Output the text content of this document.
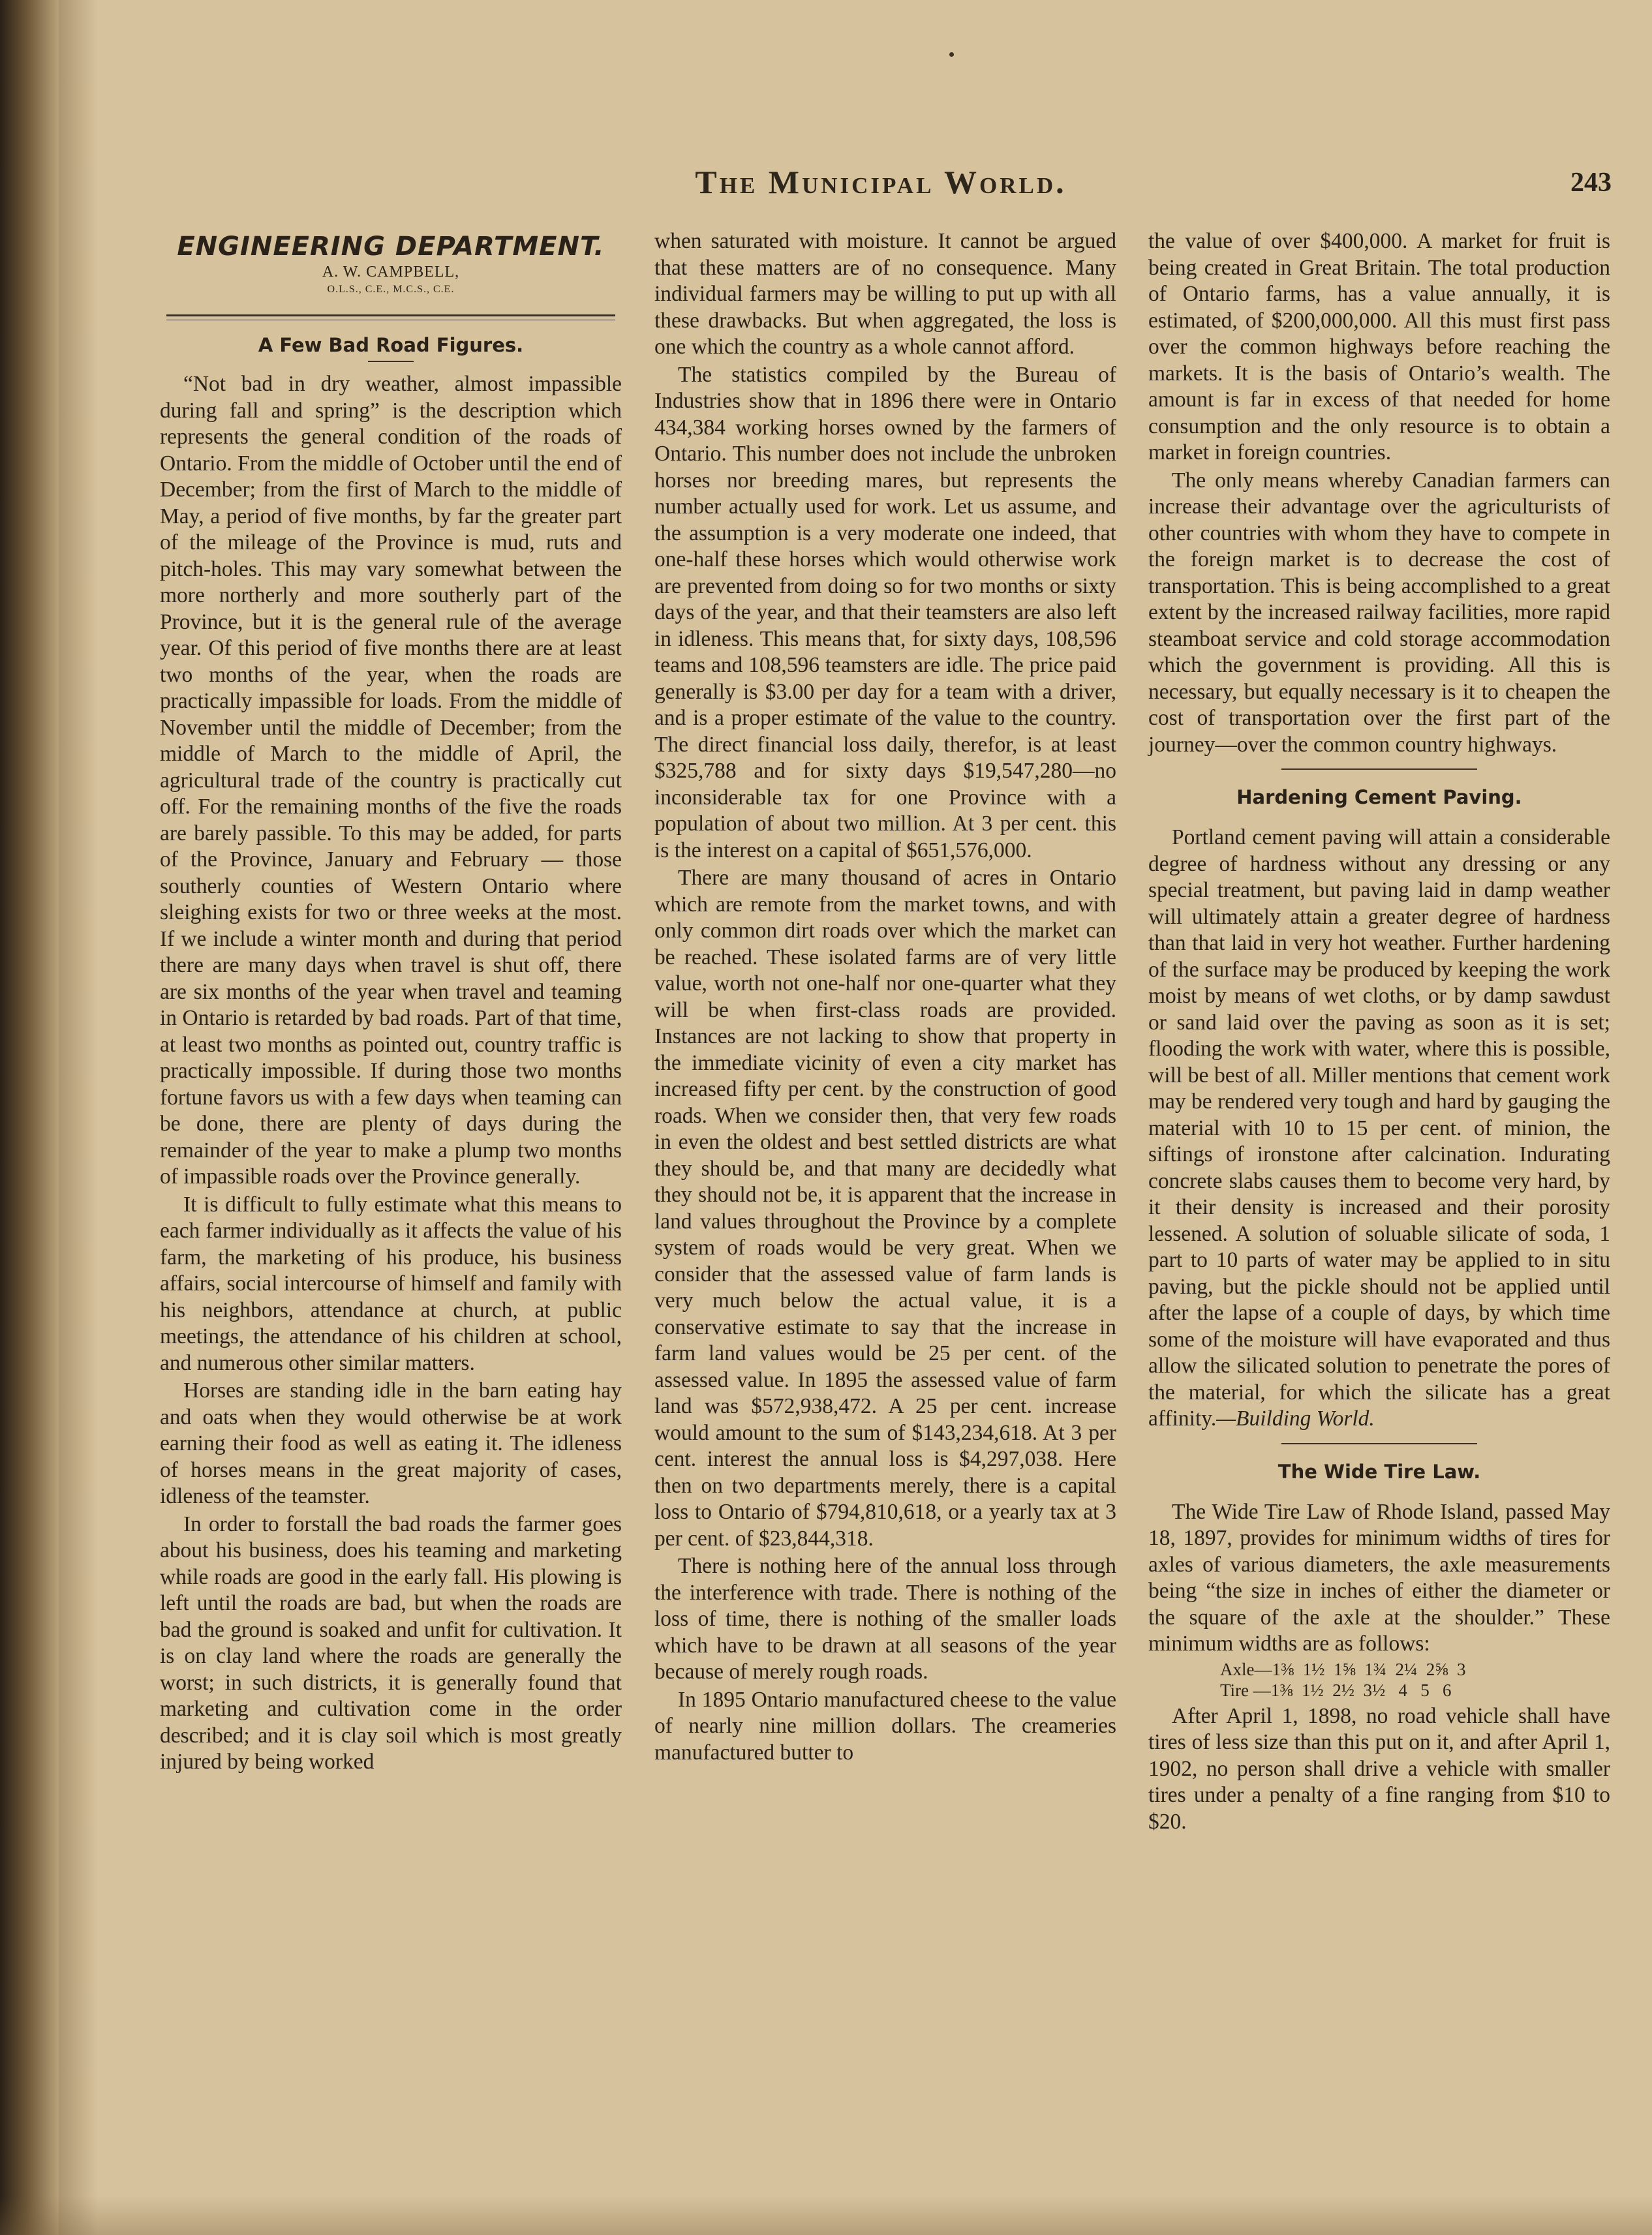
The Municipal World.	243
ENGINEERING DEPARTMENT.
A. W. CAMPBELL,
O.L.S., C.E., M.C.S., C.E.
A Few Bad Road Figures.

“Not bad in dry weather, almost impassible during fall and spring” is the description which represents the general condition of the roads of Ontario. From the middle of October until the end of December; from the first of March to the middle of May, a period of five months, by far the greater part of the mileage of the Province is mud, ruts and pitch-holes. This may vary somewhat between the more northerly and more southerly part of the Province, but it is the general rule of the average year. Of this period of five months there are at least two months of the year, when the roads are practically impassible for loads. From the middle of November until the middle of December; from the middle of March to the middle of April, the agricultural trade of the country is practically cut off. For the remaining months of the five the roads are barely passible. To this may be added, for parts of the Province, January and February — those southerly counties of Western Ontario where sleighing exists for two or three weeks at the most. If we include a winter month and during that period there are many days when travel is shut off, there are six months of the year when travel and teaming in Ontario is retarded by bad roads. Part of that time, at least two months as pointed out, country traffic is practically impossible. If during those two months fortune favors us with a few days when teaming can be done, there are plenty of days during the remainder of the year to make a plump two months of impassible roads over the Province generally.

It is difficult to fully estimate what this means to each farmer individually as it affects the value of his farm, the marketing of his produce, his business affairs, social intercourse of himself and family with his neighbors, attendance at church, at public meetings, the attendance of his children at school, and numerous other similar matters.

Horses are standing idle in the barn eating hay and oats when they would otherwise be at work earning their food as well as eating it. The idleness of horses means in the great majority of cases, idleness of the teamster.

In order to forstall the bad roads the farmer goes about his business, does his teaming and marketing while roads are good in the early fall. His plowing is left until the roads are bad, but when the roads are bad the ground is soaked and unfit for cultivation. It is on clay land where the roads are generally the worst; in such districts, it is generally found that marketing and cultivation come in the order described; and it is clay soil which is most greatly injured by being worked

when saturated with moisture. It cannot be argued that these matters are of no consequence. Many individual farmers may be willing to put up with all these drawbacks. But when aggregated, the loss is one which the country as a whole cannot afford.

The statistics compiled by the Bureau of Industries show that in 1896 there were in Ontario 434,384 working horses owned by the farmers of Ontario. This number does not include the unbroken horses nor breeding mares, but represents the number actually used for work. Let us assume, and the assumption is a very moderate one indeed, that one-half these horses which would otherwise work are prevented from doing so for two months or sixty days of the year, and that their teamsters are also left in idleness. This means that, for sixty days, 108,596 teams and 108,596 teamsters are idle. The price paid generally is $3.00 per day for a team with a driver, and is a proper estimate of the value to the country. The direct financial loss daily, therefor, is at least $325,788 and for sixty days $19,547,280—no inconsiderable tax for one Province with a population of about two million. At 3 per cent. this is the interest on a capital of $651,576,000.

There are many thousand of acres in Ontario which are remote from the market towns, and with only common dirt roads over which the market can be reached. These isolated farms are of very little value, worth not one-half nor one-quarter what they will be when first-class roads are provided. Instances are not lacking to show that property in the immediate vicinity of even a city market has increased fifty per cent. by the construction of good roads. When we consider then, that very few roads in even the oldest and best settled districts are what they should be, and that many are decidedly what they should not be, it is apparent that the increase in land values throughout the Province by a complete system of roads would be very great. When we consider that the assessed value of farm lands is very much below the actual value, it is a conservative estimate to say that the increase in farm land values would be 25 per cent. of the assessed value. In 1895 the assessed value of farm land was $572,938,472. A 25 per cent. increase would amount to the sum of $143,234,618. At 3 per cent. interest the annual loss is $4,297,038. Here then on two departments merely, there is a capital loss to Ontario of $794,810,618, or a yearly tax at 3 per cent. of $23,844,318.

There is nothing here of the annual loss through the interference with trade. There is nothing of the loss of time, there is nothing of the smaller loads which have to be drawn at all seasons of the year because of merely rough roads.

In 1895 Ontario manufactured cheese to the value of nearly nine million dollars. The creameries manufactured butter to

the value of over $400,000. A market for fruit is being created in Great Britain. The total production of Ontario farms, has a value annually, it is estimated, of $200,000,000. All this must first pass over the common highways before reaching the markets. It is the basis of Ontario’s wealth. The amount is far in excess of that needed for home consumption and the only resource is to obtain a market in foreign countries.

The only means whereby Canadian farmers can increase their advantage over the agriculturists of other countries with whom they have to compete in the foreign market is to decrease the cost of transportation. This is being accomplished to a great extent by the increased railway facilities, more rapid steamboat service and cold storage accommodation which the government is providing. All this is necessary, but equally necessary is it to cheapen the cost of transportation over the first part of the journey—over the common country highways.

Hardening Cement Paving.

Portland cement paving will attain a considerable degree of hardness without any dressing or any special treatment, but paving laid in damp weather will ultimately attain a greater degree of hardness than that laid in very hot weather. Further hardening of the surface may be produced by keeping the work moist by means of wet cloths, or by damp sawdust or sand laid over the paving as soon as it is set; flooding the work with water, where this is possible, will be best of all. Miller mentions that cement work may be rendered very tough and hard by gauging the material with 10 to 15 per cent. of minion, the siftings of ironstone after calcination. Indurating concrete slabs causes them to become very hard, by it their density is increased and their porosity lessened. A solution of soluable silicate of soda, 1 part to 10 parts of water may be applied to in situ paving, but the pickle should not be applied until after the lapse of a couple of days, by which time some of the moisture will have evaporated and thus allow the silicated solution to penetrate the pores of the material, for which the silicate has a great affinity.—Building World.

The Wide Tire Law.

The Wide Tire Law of Rhode Island, passed May 18, 1897, provides for minimum widths of tires for axles of various diameters, the axle measurements being “the size in inches of either the diameter or the square of the axle at the shoulder.” These minimum widths are as follows:

Axle—1⅜ 1½ 1⅝ 1¾ 2¼ 2⅝ 3
Tire —1⅜ 1½ 2½ 3½ 4 5 6

After April 1, 1898, no road vehicle shall have tires of less size than this put on it, and after April 1, 1902, no person shall drive a vehicle with smaller tires under a penalty of a fine ranging from $10 to $20.
